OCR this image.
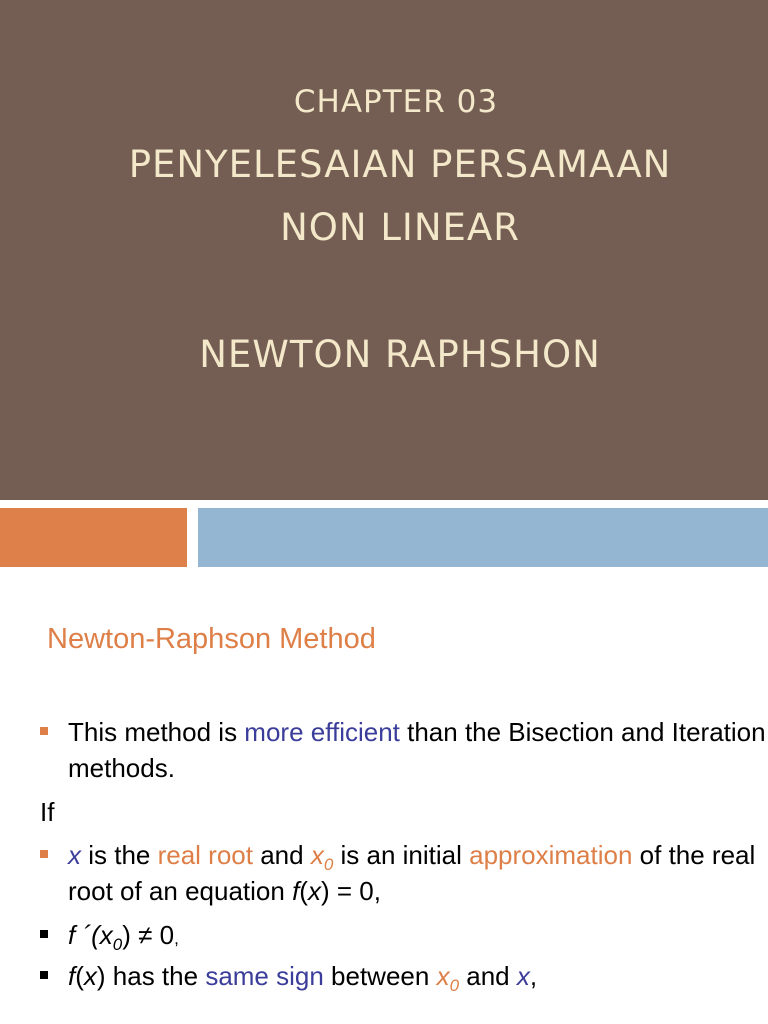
CHAPTER 03
PENYELESAIAN PERSAMAAN
NON LINEAR
NEWTON RAPHSHON
Newton-Raphson Method
This method is more efficient than the Bisection and Iteration methods.
If
x is the real root and $x_0$ is an initial approximation of the real root of an equation f(x) = 0,
f $´(x_0) \ne 0$,
f(x) has the same sign between $x_0$ and x,
